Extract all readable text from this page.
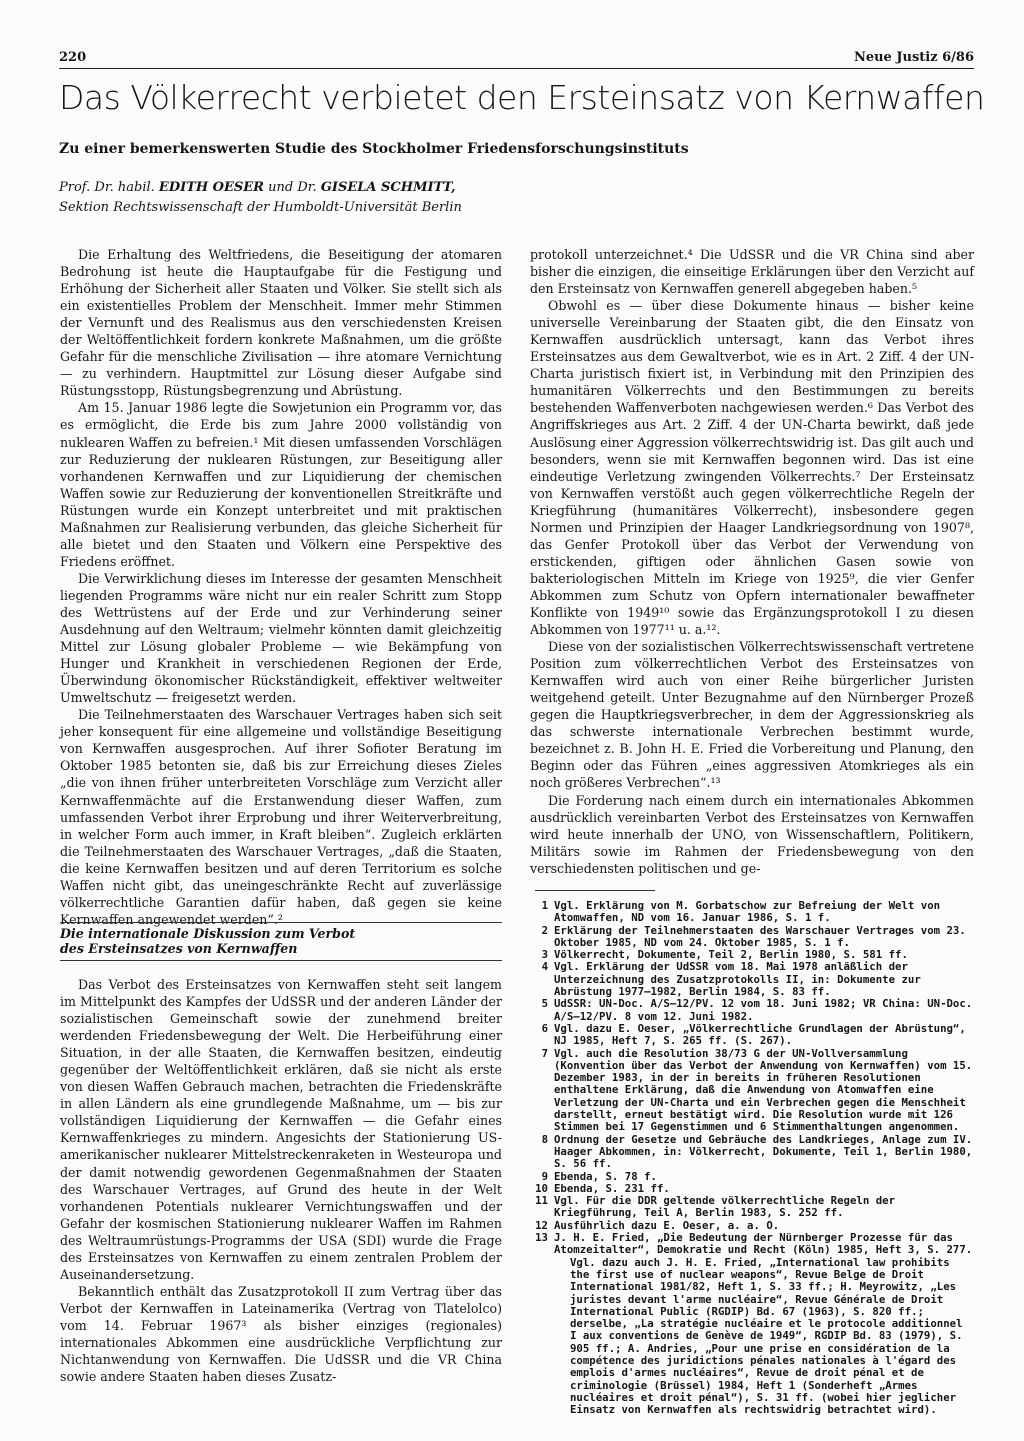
220	Neue Justiz 6/86
Das Völkerrecht verbietet den Ersteinsatz von Kernwaffen
Zu einer bemerkenswerten Studie des Stockholmer Friedensforschungsinstituts
Prof. Dr. habil. EDITH OESER und Dr. GISELA SCHMITT,
Sektion Rechtswissenschaft der Humboldt-Universität Berlin

Die Erhaltung des Weltfriedens, die Beseitigung der atomaren Bedrohung ist heute die Hauptaufgabe für die Festigung und Erhöhung der Sicherheit aller Staaten und Völker. Sie stellt sich als ein existentielles Problem der Menschheit. Immer mehr Stimmen der Vernunft und des Realismus aus den verschiedensten Kreisen der Weltöffentlichkeit fordern konkrete Maßnahmen, um die größte Gefahr für die menschliche Zivilisation — ihre atomare Vernichtung — zu verhindern. Hauptmittel zur Lösung dieser Aufgabe sind Rüstungsstopp, Rüstungsbegrenzung und Abrüstung.

Am 15. Januar 1986 legte die Sowjetunion ein Programm vor, das es ermöglicht, die Erde bis zum Jahre 2000 vollständig von nuklearen Waffen zu befreien.¹ Mit diesen umfassenden Vorschlägen zur Reduzierung der nuklearen Rüstungen, zur Beseitigung aller vorhandenen Kernwaffen und zur Liquidierung der chemischen Waffen sowie zur Reduzierung der konventionellen Streitkräfte und Rüstungen wurde ein Konzept unterbreitet und mit praktischen Maßnahmen zur Realisierung verbunden, das gleiche Sicherheit für alle bietet und den Staaten und Völkern eine Perspektive des Friedens eröffnet.

Die Verwirklichung dieses im Interesse der gesamten Menschheit liegenden Programms wäre nicht nur ein realer Schritt zum Stopp des Wettrüstens auf der Erde und zur Verhinderung seiner Ausdehnung auf den Weltraum; vielmehr könnten damit gleichzeitig Mittel zur Lösung globaler Probleme — wie Bekämpfung von Hunger und Krankheit in verschiedenen Regionen der Erde, Überwindung ökonomischer Rückständigkeit, effektiver weltweiter Umweltschutz — freigesetzt werden.

Die Teilnehmerstaaten des Warschauer Vertrages haben sich seit jeher konsequent für eine allgemeine und vollständige Beseitigung von Kernwaffen ausgesprochen. Auf ihrer Sofioter Beratung im Oktober 1985 betonten sie, daß bis zur Erreichung dieses Zieles „die von ihnen früher unterbreiteten Vorschläge zum Verzicht aller Kernwaffenmächte auf die Erstanwendung dieser Waffen, zum umfassenden Verbot ihrer Erprobung und ihrer Weiterverbreitung, in welcher Form auch immer, in Kraft bleiben“. Zugleich erklärten die Teilnehmerstaaten des Warschauer Vertrages, „daß die Staaten, die keine Kernwaffen besitzen und auf deren Territorium es solche Waffen nicht gibt, das uneingeschränkte Recht auf zuverlässige völkerrechtliche Garantien dafür haben, daß gegen sie keine Kernwaffen angewendet werden“.²

Die internationale Diskussion zum Verbot des Ersteinsatzes von Kernwaffen

Das Verbot des Ersteinsatzes von Kernwaffen steht seit langem im Mittelpunkt des Kampfes der UdSSR und der anderen Länder der sozialistischen Gemeinschaft sowie der zunehmend breiter werdenden Friedensbewegung der Welt. Die Herbeiführung einer Situation, in der alle Staaten, die Kernwaffen besitzen, eindeutig gegenüber der Weltöffentlichkeit erklären, daß sie nicht als erste von diesen Waffen Gebrauch machen, betrachten die Friedenskräfte in allen Ländern als eine grundlegende Maßnahme, um — bis zur vollständigen Liquidierung der Kernwaffen — die Gefahr eines Kernwaffenkrieges zu mindern. Angesichts der Stationierung US-amerikanischer nuklearer Mittelstreckenraketen in Westeuropa und der damit notwendig gewordenen Gegenmaßnahmen der Staaten des Warschauer Vertrages, auf Grund des heute in der Welt vorhandenen Potentials nuklearer Vernichtungswaffen und der Gefahr der kosmischen Stationierung nuklearer Waffen im Rahmen des Weltraumrüstungs-Programms der USA (SDI) wurde die Frage des Ersteinsatzes von Kernwaffen zu einem zentralen Problem der Auseinandersetzung.

Bekanntlich enthält das Zusatzprotokoll II zum Vertrag über das Verbot der Kernwaffen in Lateinamerika (Vertrag von Tlatelolco) vom 14. Februar 1967³ als bisher einziges (regionales) internationales Abkommen eine ausdrückliche Verpflichtung zur Nichtanwendung von Kernwaffen. Die UdSSR und die VR China sowie andere Staaten haben dieses Zusatz-

protokoll unterzeichnet.⁴ Die UdSSR und die VR China sind aber bisher die einzigen, die einseitige Erklärungen über den Verzicht auf den Ersteinsatz von Kernwaffen generell abgegeben haben.⁵

Obwohl es — über diese Dokumente hinaus — bisher keine universelle Vereinbarung der Staaten gibt, die den Einsatz von Kernwaffen ausdrücklich untersagt, kann das Verbot ihres Ersteinsatzes aus dem Gewaltverbot, wie es in Art. 2 Ziff. 4 der UN-Charta juristisch fixiert ist, in Verbindung mit den Prinzipien des humanitären Völkerrechts und den Bestimmungen zu bereits bestehenden Waffenverboten nachgewiesen werden.⁶ Das Verbot des Angriffskrieges aus Art. 2 Ziff. 4 der UN-Charta bewirkt, daß jede Auslösung einer Aggression völkerrechtswidrig ist. Das gilt auch und besonders, wenn sie mit Kernwaffen begonnen wird. Das ist eine eindeutige Verletzung zwingenden Völkerrechts.⁷ Der Ersteinsatz von Kernwaffen verstößt auch gegen völkerrechtliche Regeln der Kriegführung (humanitäres Völkerrecht), insbesondere gegen Normen und Prinzipien der Haager Landkriegsordnung von 1907⁸, das Genfer Protokoll über das Verbot der Verwendung von erstickenden, giftigen oder ähnlichen Gasen sowie von bakteriologischen Mitteln im Kriege von 1925⁹, die vier Genfer Abkommen zum Schutz von Opfern internationaler bewaffneter Konflikte von 1949¹⁰ sowie das Ergänzungsprotokoll I zu diesen Abkommen von 1977¹¹ u. a.¹².

Diese von der sozialistischen Völkerrechtswissenschaft vertretene Position zum völkerrechtlichen Verbot des Ersteinsatzes von Kernwaffen wird auch von einer Reihe bürgerlicher Juristen weitgehend geteilt. Unter Bezugnahme auf den Nürnberger Prozeß gegen die Hauptkriegsverbrecher, in dem der Aggressionskrieg als das schwerste internationale Verbrechen bestimmt wurde, bezeichnet z. B. John H. E. Fried die Vorbereitung und Planung, den Beginn oder das Führen „eines aggressiven Atomkrieges als ein noch größeres Verbrechen“.¹³

Die Forderung nach einem durch ein internationales Abkommen ausdrücklich vereinbarten Verbot des Ersteinsatzes von Kernwaffen wird heute innerhalb der UNO, von Wissenschaftlern, Politikern, Militärs sowie im Rahmen der Friedensbewegung von den verschiedensten politischen und ge-

1 Vgl. Erklärung von M. Gorbatschow zur Befreiung der Welt von Atomwaffen, ND vom 16. Januar 1986, S. 1 f.
2 Erklärung der Teilnehmerstaaten des Warschauer Vertrages vom 23. Oktober 1985, ND vom 24. Oktober 1985, S. 1 f.
3 Völkerrecht, Dokumente, Teil 2, Berlin 1980, S. 581 ff.
4 Vgl. Erklärung der UdSSR vom 18. Mai 1978 anläßlich der Unterzeichnung des Zusatzprotokolls II, in: Dokumente zur Abrüstung 1977—1982, Berlin 1984, S. 83 ff.
5 UdSSR: UN-Doc. A/S—12/PV. 12 vom 18. Juni 1982; VR China: UN-Doc. A/S—12/PV. 8 vom 12. Juni 1982.
6 Vgl. dazu E. Oeser, „Völkerrechtliche Grundlagen der Abrüstung“, NJ 1985, Heft 7, S. 265 ff. (S. 267).
7 Vgl. auch die Resolution 38/73 G der UN-Vollversammlung (Konvention über das Verbot der Anwendung von Kernwaffen) vom 15. Dezember 1983, in der in bereits in früheren Resolutionen enthaltene Erklärung, daß die Anwendung von Atomwaffen eine Verletzung der UN-Charta und ein Verbrechen gegen die Menschheit darstellt, erneut bestätigt wird. Die Resolution wurde mit 126 Stimmen bei 17 Gegenstimmen und 6 Stimmenthaltungen angenommen.
8 Ordnung der Gesetze und Gebräuche des Landkrieges, Anlage zum IV. Haager Abkommen, in: Völkerrecht, Dokumente, Teil 1, Berlin 1980, S. 56 ff.
9 Ebenda, S. 78 f.
10 Ebenda, S. 231 ff.
11 Vgl. Für die DDR geltende völkerrechtliche Regeln der Kriegführung, Teil A, Berlin 1983, S. 252 ff.
12 Ausführlich dazu E. Oeser, a. a. O.
13 J. H. E. Fried, „Die Bedeutung der Nürnberger Prozesse für das Atomzeitalter“, Demokratie und Recht (Köln) 1985, Heft 3, S. 277.
Vgl. dazu auch J. H. E. Fried, „International law prohibits the first use of nuclear weapons“, Revue Belge de Droit International 1981/82, Heft 1, S. 33 ff.; H. Meyrowitz, „Les juristes devant l'arme nucléaire“, Revue Générale de Droit International Public (RGDIP) Bd. 67 (1963), S. 820 ff.; derselbe, „La stratégie nucléaire et le protocole additionnel I aux conventions de Genève de 1949“, RGDIP Bd. 83 (1979), S. 905 ff.; A. Andries, „Pour une prise en considération de la compétence des juridictions pénales nationales à l'égard des emplois d'armes nucléaires“, Revue de droit pénal et de criminologie (Brüssel) 1984, Heft 1 (Sonderheft „Armes nucléaires et droit pénal“), S. 31 ff. (wobei hier jeglicher Einsatz von Kernwaffen als rechtswidrig betrachtet wird).
